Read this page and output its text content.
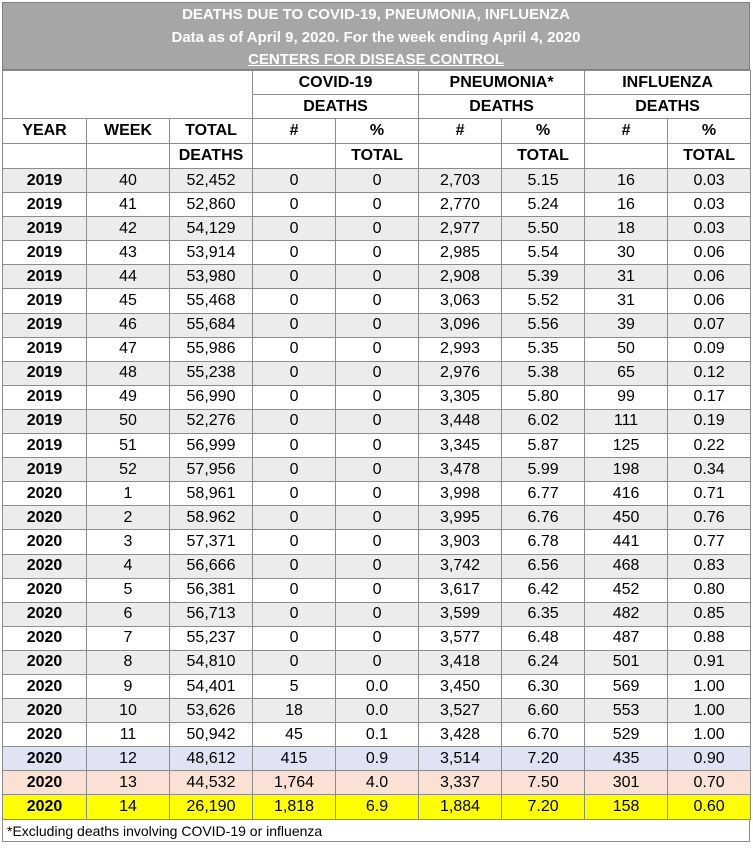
DEATHS DUE TO COVID-19, PNEUMONIA, INFLUENZA
Data as of April 9, 2020. For the week ending April 4, 2020
CENTERS FOR DISEASE CONTROL
			COVID-19		PNEUMONIA*		INFLUENZA	
			DEATHS		DEATHS		DEATHS	
YEAR	WEEK	TOTAL	#	%	#	%	#	%
		DEATHS		TOTAL		TOTAL		TOTAL
2019	40	52,452	0	0	2,703	5.15	16	0.03
2019	41	52,860	0	0	2,770	5.24	16	0.03
2019	42	54,129	0	0	2,977	5.50	18	0.03
2019	43	53,914	0	0	2,985	5.54	30	0.06
2019	44	53,980	0	0	2,908	5.39	31	0.06
2019	45	55,468	0	0	3,063	5.52	31	0.06
2019	46	55,684	0	0	3,096	5.56	39	0.07
2019	47	55,986	0	0	2,993	5.35	50	0.09
2019	48	55,238	0	0	2,976	5.38	65	0.12
2019	49	56,990	0	0	3,305	5.80	99	0.17
2019	50	52,276	0	0	3,448	6.02	111	0.19
2019	51	56,999	0	0	3,345	5.87	125	0.22
2019	52	57,956	0	0	3,478	5.99	198	0.34
2020	1	58,961	0	0	3,998	6.77	416	0.71
2020	2	58.962	0	0	3,995	6.76	450	0.76
2020	3	57,371	0	0	3,903	6.78	441	0.77
2020	4	56,666	0	0	3,742	6.56	468	0.83
2020	5	56,381	0	0	3,617	6.42	452	0.80
2020	6	56,713	0	0	3,599	6.35	482	0.85
2020	7	55,237	0	0	3,577	6.48	487	0.88
2020	8	54,810	0	0	3,418	6.24	501	0.91
2020	9	54,401	5	0.0	3,450	6.30	569	1.00
2020	10	53,626	18	0.0	3,527	6.60	553	1.00
2020	11	50,942	45	0.1	3,428	6.70	529	1.00
2020	12	48,612	415	0.9	3,514	7.20	435	0.90
2020	13	44,532	1,764	4.0	3,337	7.50	301	0.70
2020	14	26,190	1,818	6.9	1,884	7.20	158	0.60
*Excluding deaths involving COVID-19 or influenza
